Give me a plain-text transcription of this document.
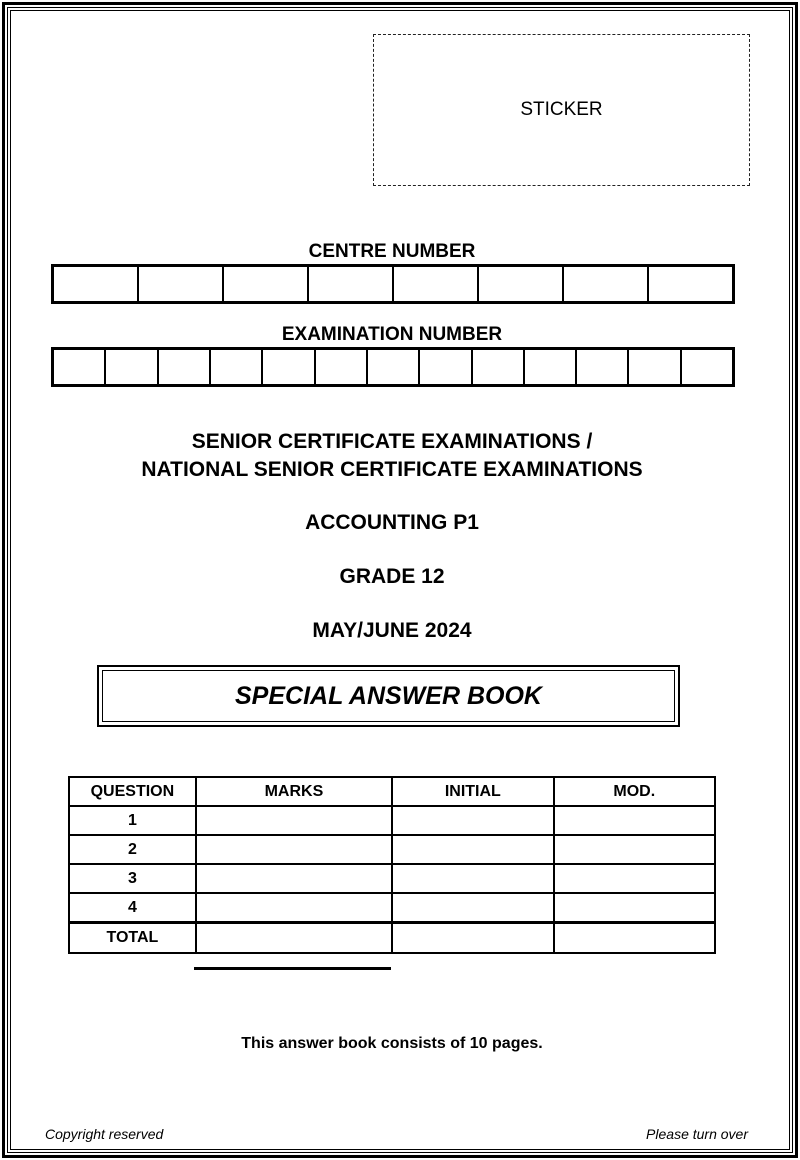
STICKER
CENTRE NUMBER
EXAMINATION NUMBER
SENIOR CERTIFICATE EXAMINATIONS /
NATIONAL SENIOR CERTIFICATE EXAMINATIONS
ACCOUNTING P1
GRADE 12
MAY/JUNE 2024
SPECIAL ANSWER BOOK
QUESTION	MARKS	INITIAL	MOD.
1			
2			
3			
4			
TOTAL			
This answer book consists of 10 pages.
Copyright reserved	Please turn over
